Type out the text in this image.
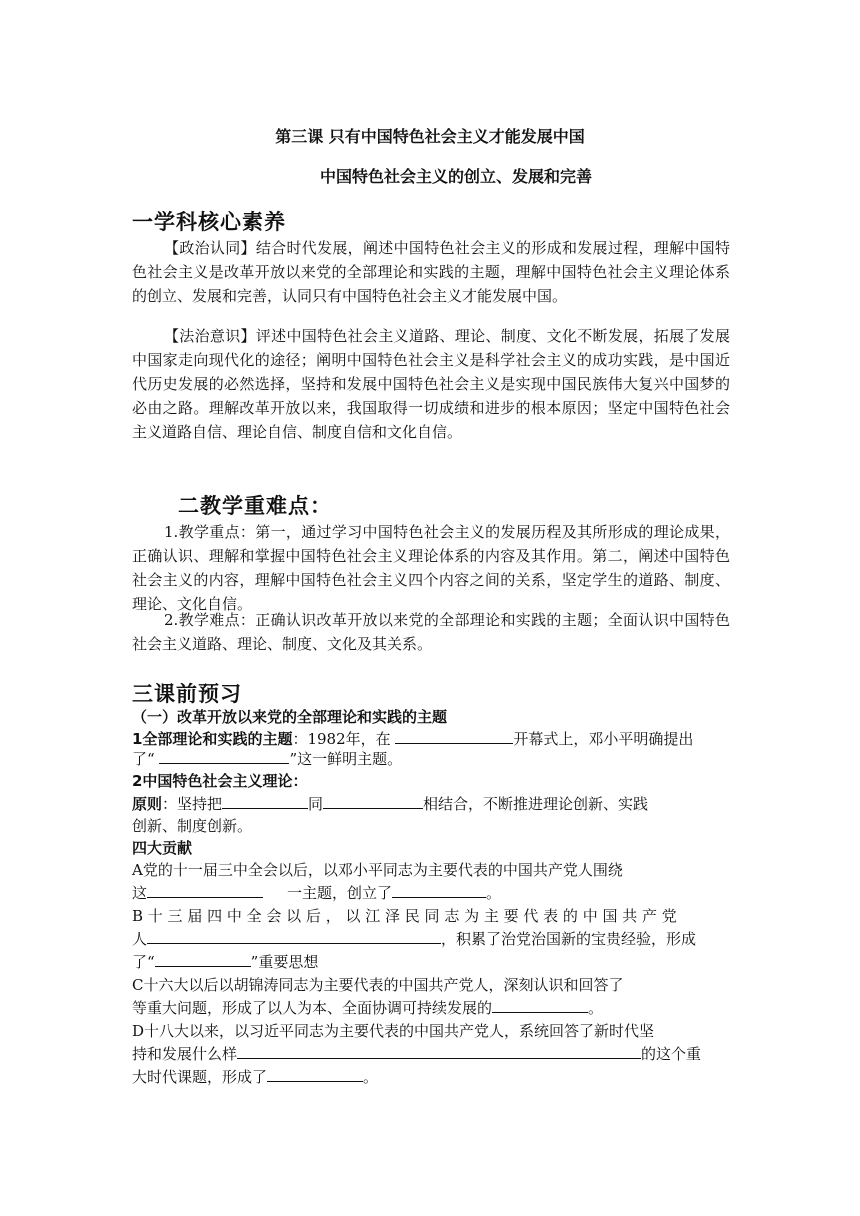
第三课 只有中国特色社会主义才能发展中国
中国特色社会主义的创立、发展和完善
一学科核心素养
【政治认同】结合时代发展，阐述中国特色社会主义的形成和发展过程，理解中国特色社会主义是改革开放以来党的全部理论和实践的主题，理解中国特色社会主义理论体系的创立、发展和完善，认同只有中国特色社会主义才能发展中国。
【法治意识】评述中国特色社会主义道路、理论、制度、文化不断发展，拓展了发展中国家走向现代化的途径；阐明中国特色社会主义是科学社会主义的成功实践，是中国近代历史发展的必然选择，坚持和发展中国特色社会主义是实现中国民族伟大复兴中国梦的必由之路。理解改革开放以来，我国取得一切成绩和进步的根本原因；坚定中国特色社会主义道路自信、理论自信、制度自信和文化自信。
二教学重难点：
1.教学重点：第一，通过学习中国特色社会主义的发展历程及其所形成的理论成果，正确认识、理解和掌握中国特色社会主义理论体系的内容及其作用。第二，阐述中国特色社会主义的内容，理解中国特色社会主义四个内容之间的关系，坚定学生的道路、制度、理论、文化自信。
2.教学难点：正确认识改革开放以来党的全部理论和实践的主题；全面认识中国特色社会主义道路、理论、制度、文化及其关系。
三课前预习
（一）改革开放以来党的全部理论和实践的主题
1全部理论和实践的主题：1982年，在	开幕式上，邓小平明确提出
了“	”这一鲜明主题。
2中国特色社会主义理论：
原则：坚持把	同	相结合，不断推进理论创新、实践
创新、制度创新。
四大贡献
A党的十一届三中全会以后，以邓小平同志为主要代表的中国共产党人围绕
这	一主题，创立了	。
B 十 三 届 四 中 全 会 以 后 ， 以 江 泽 民 同 志 为 主 要 代 表 的 中 国 共 产 党
人	，积累了治党治国新的宝贵经验，形成
了“	”重要思想
C十六大以后以胡锦涛同志为主要代表的中国共产党人，深刻认识和回答了
等重大问题，形成了以人为本、全面协调可持续发展的	。
D十八大以来，以习近平同志为主要代表的中国共产党人，系统回答了新时代坚
持和发展什么样	的这个重
大时代课题，形成了	。
